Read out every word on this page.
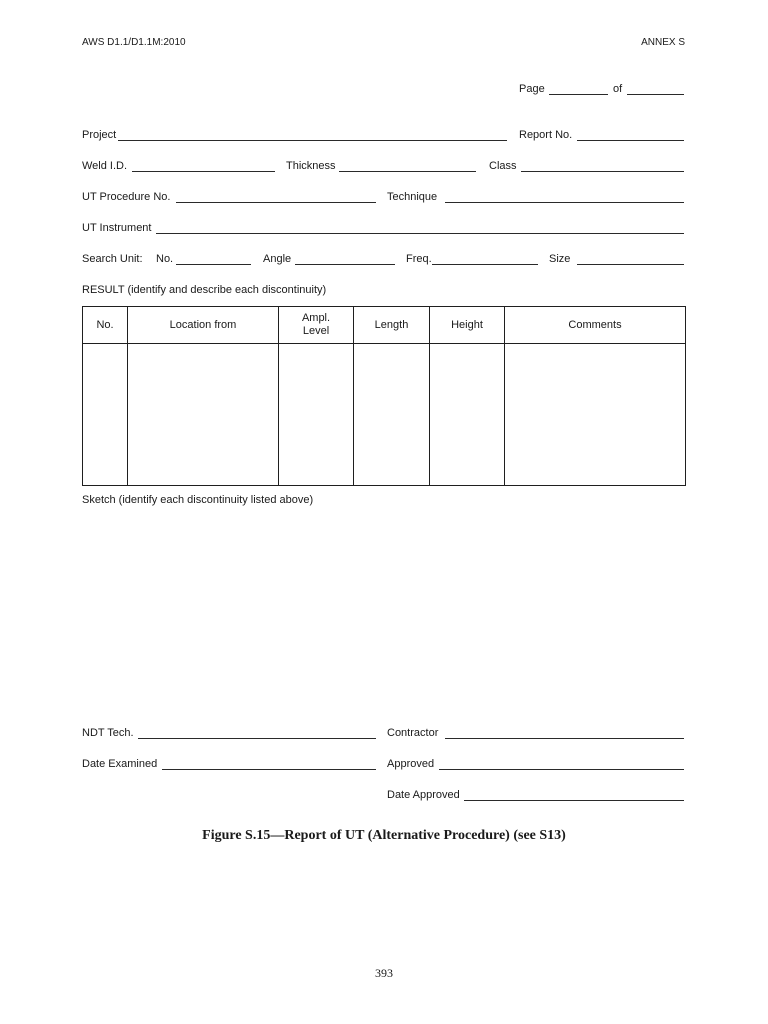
AWS D1.1/D1.1M:2010	ANNEX S
Page	of
Project	Report No.
Weld I.D.	Thickness	Class
UT Procedure No.	Technique
UT Instrument
Search Unit: No.	Angle	Freq.	Size
RESULT (identify and describe each discontinuity)
No.	Location from	Ampl.
Level	Length	Height	Comments

Sketch (identify each discontinuity listed above)
NDT Tech.	Contractor
Date Examined	Approved
Date Approved
Figure S.15—Report of UT (Alternative Procedure) (see S13)
393
